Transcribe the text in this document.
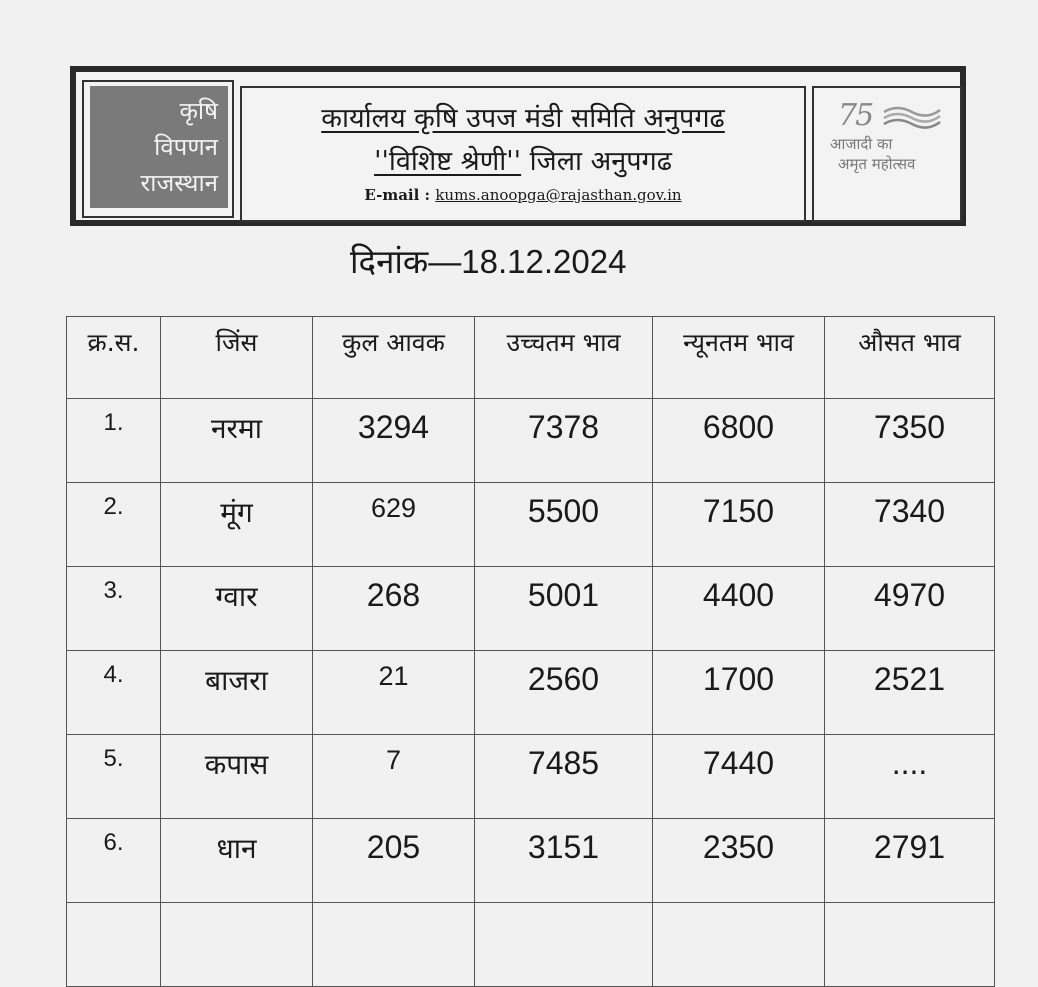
कृषि
विपणन
राजस्थान
कार्यालय कृषि उपज मंडी समिति अनुपगढ
''विशिष्ट श्रेणी'' जिला अनुपगढ
E-mail : kums.anoopga@rajasthan.gov.in
75
आजादी का
अमृत महोत्सव
दिनांक—18.12.2024
क्र.स.	जिंस	कुल आवक	उच्चतम भाव	न्यूनतम भाव	औसत भाव
1.	नरमा	3294	7378	6800	7350
2.	मूंग	629	5500	7150	7340
3.	ग्वार	268	5001	4400	4970
4.	बाजरा	21	2560	1700	2521
5.	कपास	7	7485	7440	....
6.	धान	205	3151	2350	2791
